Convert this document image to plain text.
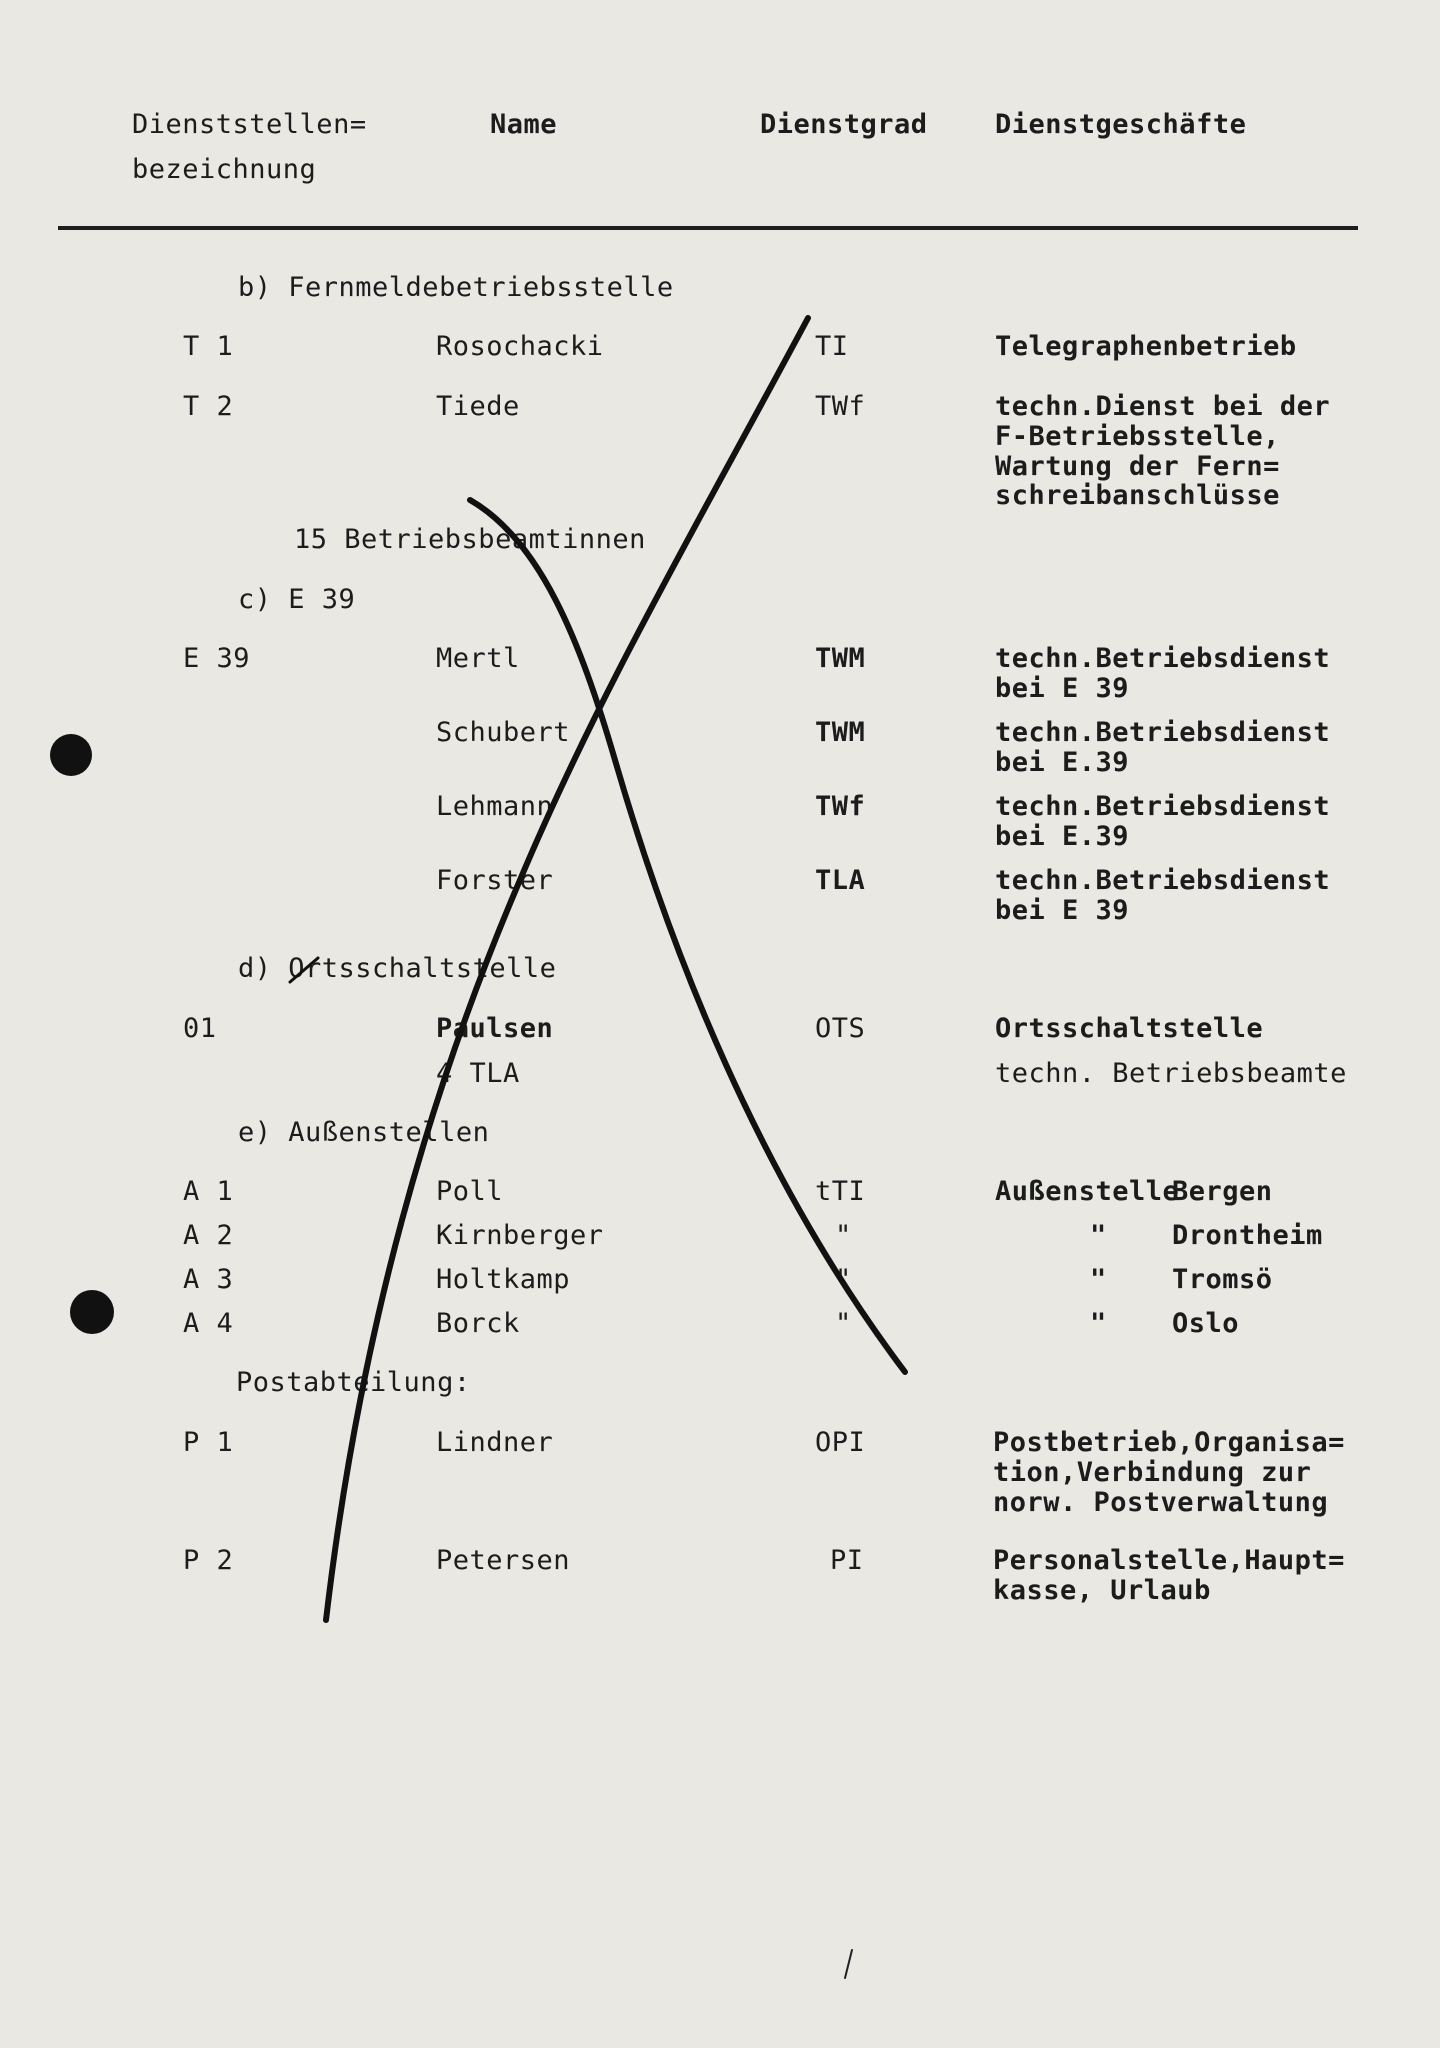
Dienststellen=
bezeichnung
Name	Dienstgrad Dienstgeschäfte
b) Fernmeldebetriebsstelle
T 1	Rosochacki	TI	Telegraphenbetrieb
T 2	Tiede	TWf	techn.Dienst bei der
F-Betriebsstelle,
Wartung der Fern=
schreibanschlüsse
15 Betriebsbeamtinnen
c) E 39
E 39	Mertl	TWM	techn.Betriebsdienst
bei E 39
Schubert	TWM	techn.Betriebsdienst
bei E.39
Lehmann	TWf	techn.Betriebsdienst
bei E.39
Forster	TLA	techn.Betriebsdienst
bei E 39
d) Ortsschaltstelle
01	Paulsen	OTS	Ortsschaltstelle
4 TLA	techn. Betriebsbeamte
e) Außenstellen
A 1	Poll	tTI	Außenstelle
Bergen
A 2	Kirnberger	"	" Drontheim
A 3	Holtkamp	"	" Tromsö
A 4	Borck	"	" Oslo
Postabteilung:
P 1	Lindner	OPI	Postbetrieb,Organisa=
tion,Verbindung zur
norw. Postverwaltung
P 2	Petersen	PI	Personalstelle,Haupt=
kasse, Urlaub
